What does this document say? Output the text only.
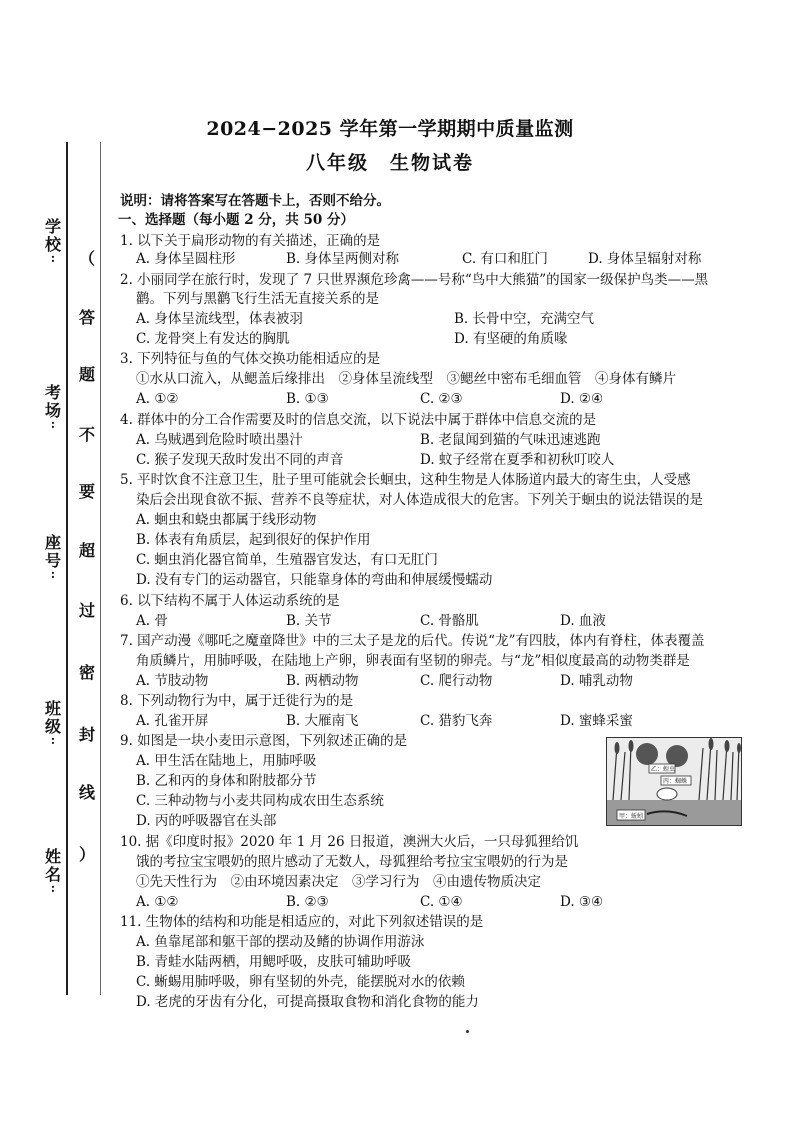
学校
:
考场
:
座号
:
班级
:
姓名
:
（
答
题
不
要
超
过
密
封
线
）
2024−2025 学年第一学期期中质量监测
八年级　生物试卷
说明：请将答案写在答题卡上，否则不给分。
一、选择题（每小题 2 分，共 50 分）
1. 以下关于扁形动物的有关描述，正确的是
A. 身体呈圆柱形	B. 身体呈两侧对称	C. 有口和肛门	D. 身体呈辐射对称
2. 小丽同学在旅行时，发现了 7 只世界濒危珍禽——号称“鸟中大熊猫”的国家一级保护鸟类——黑
鹳。下列与黑鹳飞行生活无直接关系的是
A. 身体呈流线型，体表被羽	B. 长骨中空，充满空气
C. 龙骨突上有发达的胸肌	D. 有坚硬的角质喙
3. 下列特征与鱼的气体交换功能相适应的是
①水从口流入，从鳃盖后缘排出　②身体呈流线型　③鳃丝中密布毛细血管　④身体有鳞片
A. ①②	B. ①③	C. ②③	D. ②④
4. 群体中的分工合作需要及时的信息交流，以下说法中属于群体中信息交流的是
A. 乌贼遇到危险时喷出墨汁	B. 老鼠闻到猫的气味迅速逃跑
C. 猴子发现天敌时发出不同的声音	D. 蚊子经常在夏季和初秋叮咬人
5. 平时饮食不注意卫生，肚子里可能就会长蛔虫，这种生物是人体肠道内最大的寄生虫，人受感
染后会出现食欲不振、营养不良等症状，对人体造成很大的危害。下列关于蛔虫的说法错误的是
A. 蛔虫和蛲虫都属于线形动物
B. 体表有角质层，起到很好的保护作用
C. 蛔虫消化器官简单，生殖器官发达，有口无肛门
D. 没有专门的运动器官，只能靠身体的弯曲和伸展缓慢蠕动
6. 以下结构不属于人体运动系统的是
A. 骨	B. 关节	C. 骨骼肌	D. 血液
7. 国产动漫《哪吒之魔童降世》中的三太子是龙的后代。传说“龙”有四肢，体内有脊柱，体表覆盖
角质鳞片，用肺呼吸，在陆地上产卵，卵表面有坚韧的卵壳。与“龙”相似度最高的动物类群是
A. 节肢动物	B. 两栖动物	C. 爬行动物	D. 哺乳动物
8. 下列动物行为中，属于迁徙行为的是
A. 孔雀开屏	B. 大雁南飞	C. 猎豹飞奔	D. 蜜蜂采蜜
9. 如图是一块小麦田示意图，下列叙述正确的是
A. 甲生活在陆地上，用肺呼吸
B. 乙和丙的身体和附肢都分节
C. 三种动物与小麦共同构成农田生态系统
D. 丙的呼吸器官在头部
乙：蝗虫
丙：蜘蛛
甲：蚯蚓
10. 据《印度时报》2020 年 1 月 26 日报道，澳洲大火后，一只母狐狸给饥
饿的考拉宝宝喂奶的照片感动了无数人，母狐狸给考拉宝宝喂奶的行为是
①先天性行为　②由环境因素决定　③学习行为　④由遗传物质决定
A. ①②	B. ②③	C. ①④	D. ③④
11. 生物体的结构和功能是相适应的，对此下列叙述错误的是
A. 鱼靠尾部和躯干部的摆动及鳍的协调作用游泳
B. 青蛙水陆两栖，用鳃呼吸，皮肤可辅助呼吸
C. 蜥蜴用肺呼吸，卵有坚韧的外壳，能摆脱对水的依赖
D. 老虎的牙齿有分化，可提高摄取食物和消化食物的能力
